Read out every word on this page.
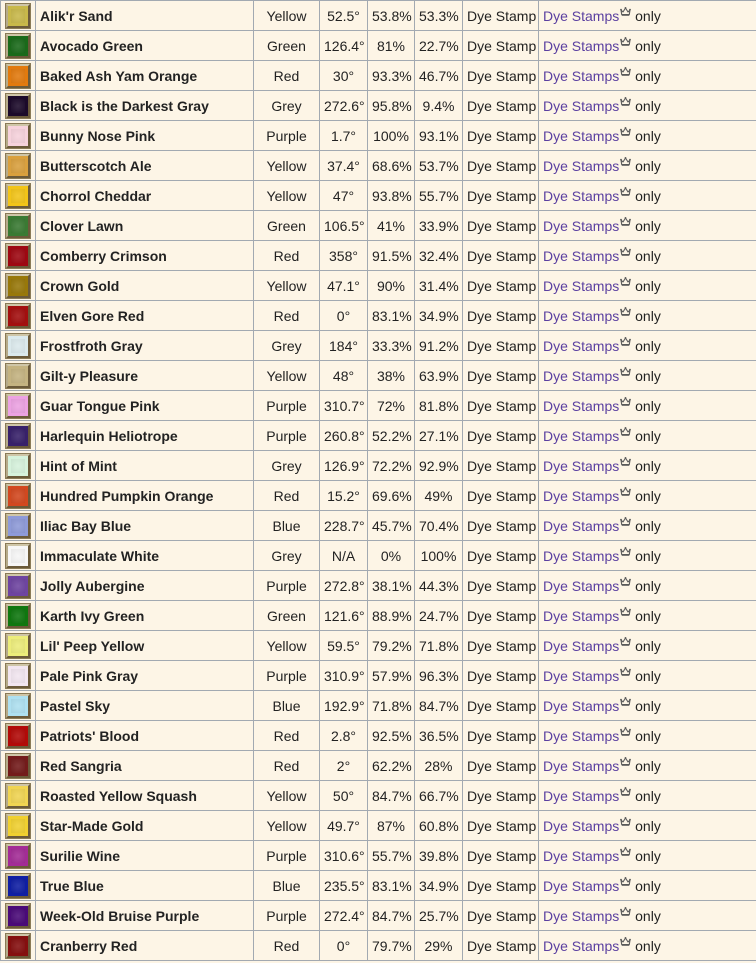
	Alik'r Sand	Yellow	52.5°	53.8%	53.3%	Dye Stamp	Dye Stamps only
	Avocado Green	Green	126.4°	81%	22.7%	Dye Stamp	Dye Stamps only
	Baked Ash Yam Orange	Red	30°	93.3%	46.7%	Dye Stamp	Dye Stamps only
	Black is the Darkest Gray	Grey	272.6°	95.8%	9.4%	Dye Stamp	Dye Stamps only
	Bunny Nose Pink	Purple	1.7°	100%	93.1%	Dye Stamp	Dye Stamps only
	Butterscotch Ale	Yellow	37.4°	68.6%	53.7%	Dye Stamp	Dye Stamps only
	Chorrol Cheddar	Yellow	47°	93.8%	55.7%	Dye Stamp	Dye Stamps only
	Clover Lawn	Green	106.5°	41%	33.9%	Dye Stamp	Dye Stamps only
	Comberry Crimson	Red	358°	91.5%	32.4%	Dye Stamp	Dye Stamps only
	Crown Gold	Yellow	47.1°	90%	31.4%	Dye Stamp	Dye Stamps only
	Elven Gore Red	Red	0°	83.1%	34.9%	Dye Stamp	Dye Stamps only
	Frostfroth Gray	Grey	184°	33.3%	91.2%	Dye Stamp	Dye Stamps only
	Gilt-y Pleasure	Yellow	48°	38%	63.9%	Dye Stamp	Dye Stamps only
	Guar Tongue Pink	Purple	310.7°	72%	81.8%	Dye Stamp	Dye Stamps only
	Harlequin Heliotrope	Purple	260.8°	52.2%	27.1%	Dye Stamp	Dye Stamps only
	Hint of Mint	Grey	126.9°	72.2%	92.9%	Dye Stamp	Dye Stamps only
	Hundred Pumpkin Orange	Red	15.2°	69.6%	49%	Dye Stamp	Dye Stamps only
	Iliac Bay Blue	Blue	228.7°	45.7%	70.4%	Dye Stamp	Dye Stamps only
	Immaculate White	Grey	N/A	0%	100%	Dye Stamp	Dye Stamps only
	Jolly Aubergine	Purple	272.8°	38.1%	44.3%	Dye Stamp	Dye Stamps only
	Karth Ivy Green	Green	121.6°	88.9%	24.7%	Dye Stamp	Dye Stamps only
	Lil' Peep Yellow	Yellow	59.5°	79.2%	71.8%	Dye Stamp	Dye Stamps only
	Pale Pink Gray	Purple	310.9°	57.9%	96.3%	Dye Stamp	Dye Stamps only
	Pastel Sky	Blue	192.9°	71.8%	84.7%	Dye Stamp	Dye Stamps only
	Patriots' Blood	Red	2.8°	92.5%	36.5%	Dye Stamp	Dye Stamps only
	Red Sangria	Red	2°	62.2%	28%	Dye Stamp	Dye Stamps only
	Roasted Yellow Squash	Yellow	50°	84.7%	66.7%	Dye Stamp	Dye Stamps only
	Star-Made Gold	Yellow	49.7°	87%	60.8%	Dye Stamp	Dye Stamps only
	Surilie Wine	Purple	310.6°	55.7%	39.8%	Dye Stamp	Dye Stamps only
	True Blue	Blue	235.5°	83.1%	34.9%	Dye Stamp	Dye Stamps only
	Week-Old Bruise Purple	Purple	272.4°	84.7%	25.7%	Dye Stamp	Dye Stamps only
	Cranberry Red	Red	0°	79.7%	29%	Dye Stamp	Dye Stamps only
